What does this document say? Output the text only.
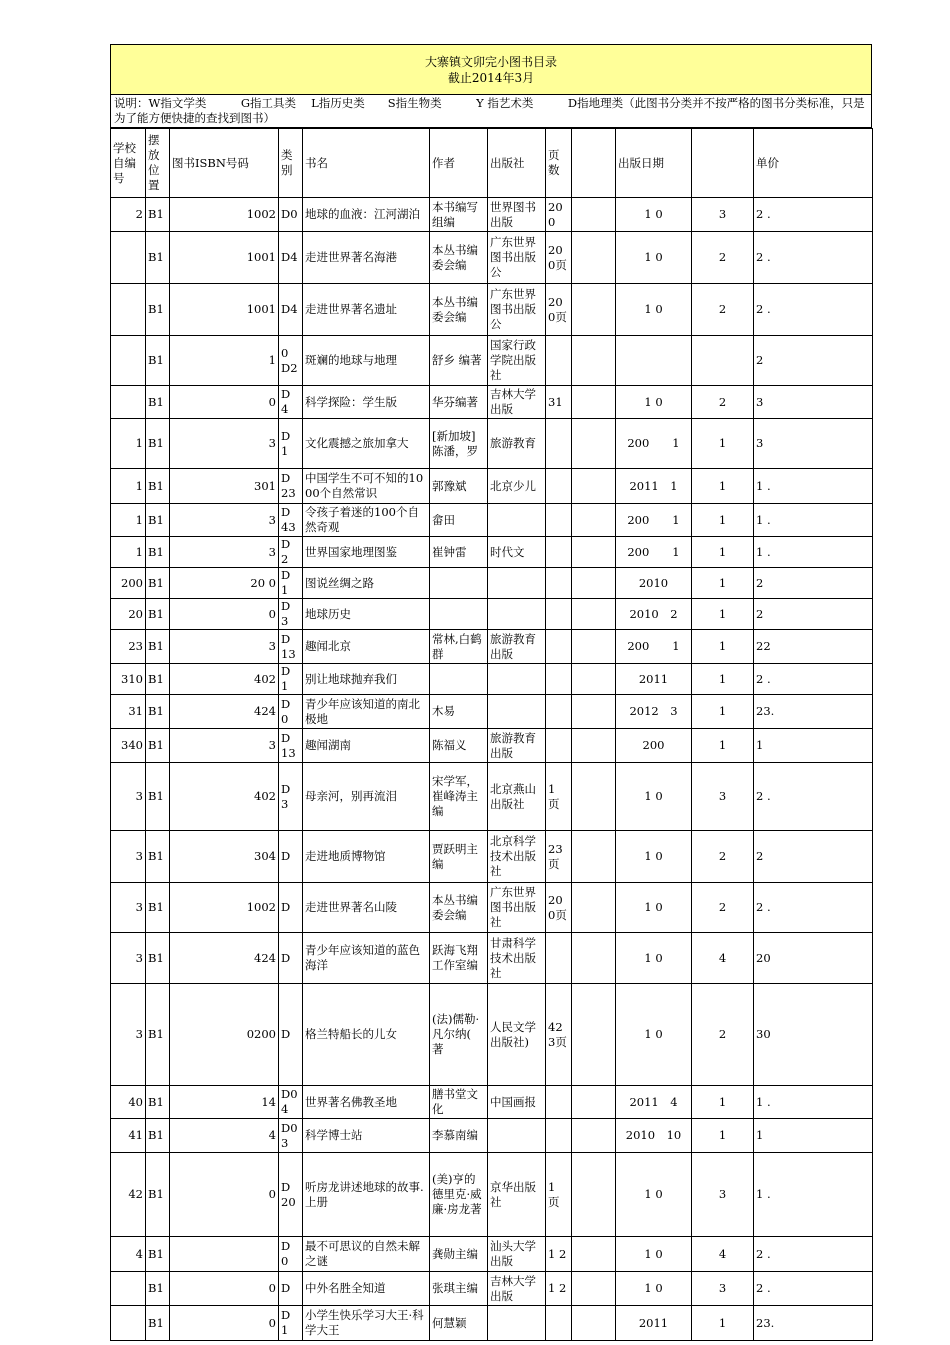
大寨镇文卯完小图书目录
截止2014年3月
说明：W指文学类　　　G指工具类　 L指历史类　　S指生物类　　　Y 指艺术类　　　D指地理类（此图书分类并不按严格的图书分类标准，只是为了能方便快捷的查找到图书）
学校自编号	摆放位置	图书ISBN号码	类别	书名	作者	出版社	页数		出版日期		单价
2	B1	1002	D0	地球的血液：江河湖泊	本书编写组编	世界图书出版	200		1 0	3	2 .
	B1	1001	D4	走进世界著名海港	本丛书编委会编	广东世界图书出版公	200页		1 0	2	2 .
	B1	1001	D4	走进世界著名遗址	本丛书编委会编	广东世界图书出版公	200页		1 0	2	2 .
	B1	1	0 D2	斑斓的地球与地理	舒乡 编著	国家行政学院出版社					2
	B1	0	D 4	科学探险：学生版	华芬编著	吉林大学出版	31		1 0	2	3
1	B1	3	D 1	文化震撼之旅加拿大	[新加坡]陈潘，罗	旅游教育			200　　1	1	3
1	B1	301	D 23	中国学生不可不知的1000个自然常识	郭豫斌	北京少儿			2011　1	1	1 .
1	B1	3	D 43	令孩子着迷的100个自然奇观	畲田				200　　1	1	1 .
1	B1	3	D 2	世界国家地理图鉴	崔钟雷	时代文			200　　1	1	1 .
200	B1	20 0	D 1	图说丝绸之路					2010	1	2
20	B1	0	D 3	地球历史					2010　2	1	2
23	B1	3	D 13	趣闻北京	常林,白鹤群	旅游教育出版			200　　1	1	22
310	B1	402	D 1	别让地球抛弃我们					2011	1	2 .
31	B1	424	D 0	青少年应该知道的南北极地	木易				2012　3	1	23.
340	B1	3	D 13	趣闻湖南	陈福义	旅游教育出版			200	1	1
3	B1	402	D 3	母亲河，别再流泪	宋学军，崔峰涛主编	北京燕山出版社	1 页		1 0	3	2 .
3	B1	304	D	走进地质博物馆	贾跃明主编	北京科学技术出版社	23 页		1 0	2	2
3	B1	1002	D	走进世界著名山陵	本丛书编委会编	广东世界图书出版社	200页		1 0	2	2 .
3	B1	424	D	青少年应该知道的蓝色海洋	跃海飞翔工作室编	甘肃科学技术出版社			1 0	4	20
3	B1	0200	D	格兰特船长的儿女	(法)儒勒·凡尔纳(　　著	人民文学出版社)	423页		1 0	2	30
40	B1	14	D04	世界著名佛教圣地	膳书堂文化	中国画报			2011　4	1	1 .
41	B1	4	D03	科学博士站	李慕南编				2010　10	1	1
42	B1	0	D 20	听房龙讲述地球的故事.上册	(美)亨的德里克·威廉·房龙著	京华出版社	1 页		1 0	3	1 .
4	B1		D 0	最不可思议的自然未解之谜	龚勋主编	汕头大学出版	1 2		1 0	4	2 .
	B1	0	D	中外名胜全知道	张琪主编	吉林大学出版	1 2		1 0	3	2 .
	B1	0	D 1	小学生快乐学习大王·科学大王	何慧颖				2011	1	23.
